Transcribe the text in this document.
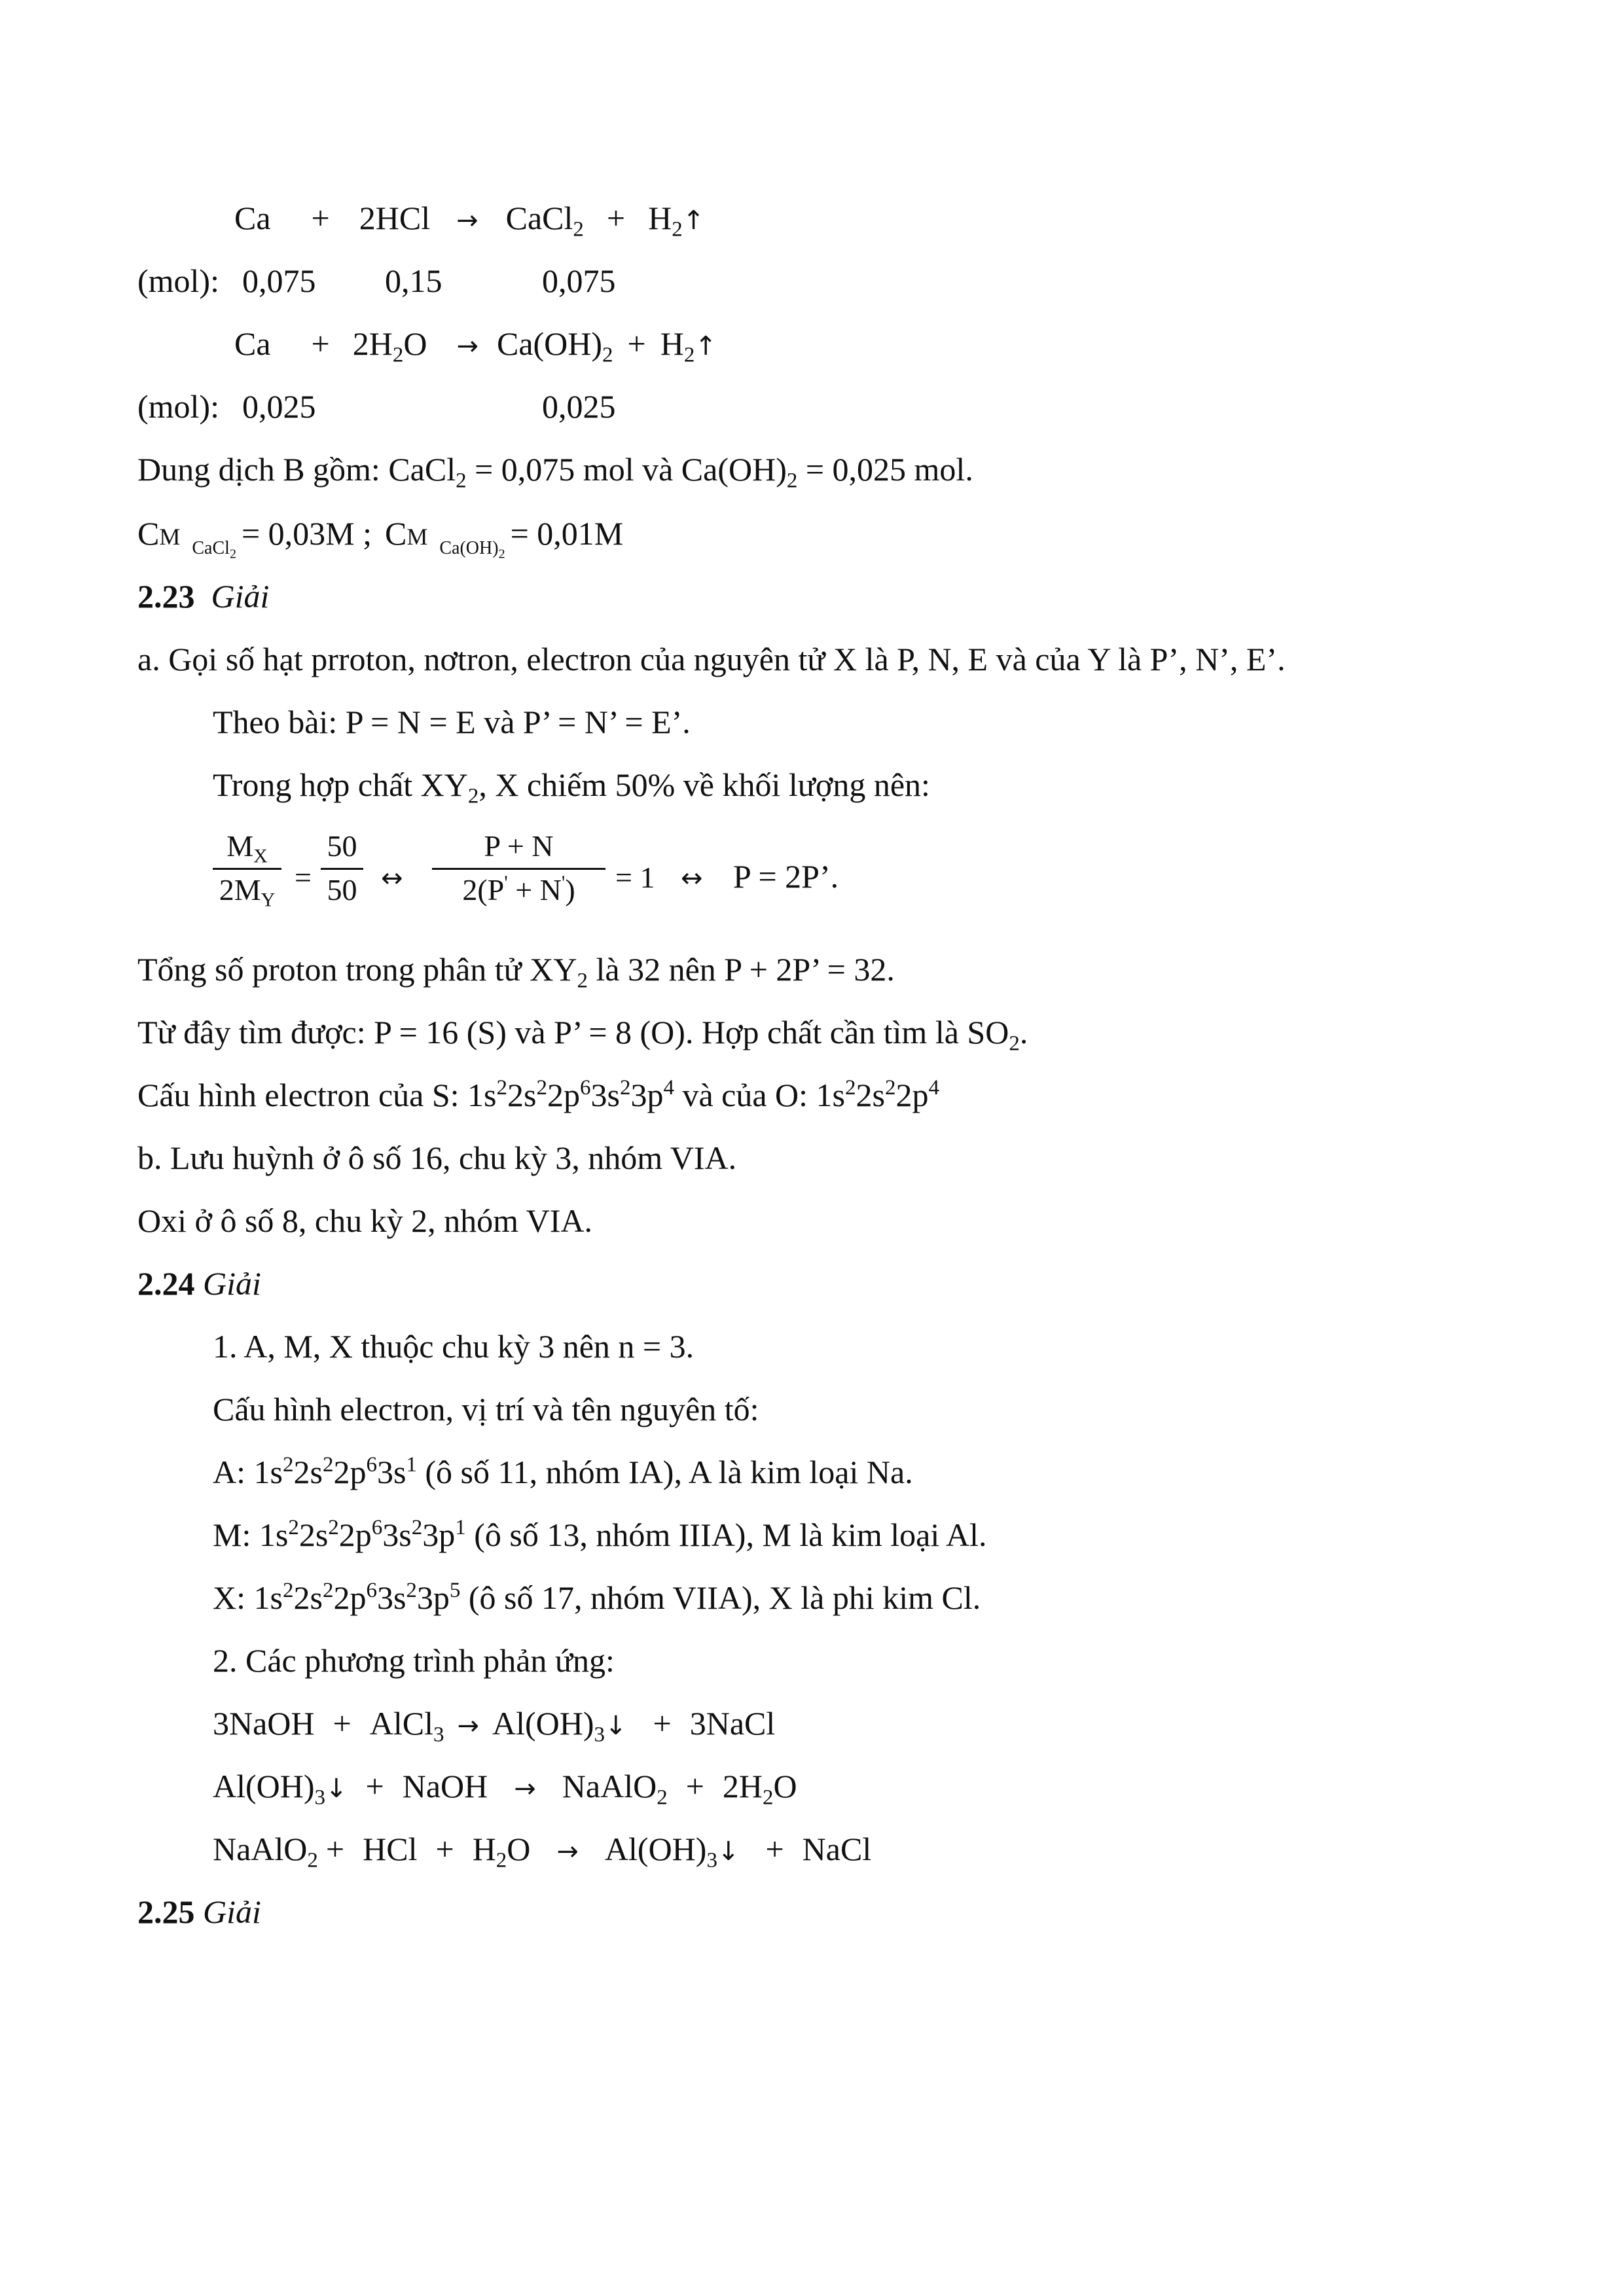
Ca + 2HCl → CaCl$_2$ + $H_2↑$
(mol): 0,075 0,15	0,075
$Ca + 2H_2O \to Ca(OH)_2$ + $H_2↑$
(mol): 0,025	0,025
Dung dịch B gồm: CaCl$_2$ = 0,075 mol và $Ca(OH)_2 = 0,025$ mol.
CM $_{CaCl_2}$= 0,03M ; CM $_{Ca(OH)_2}$= 0,01M
2.23 Giải
a. Gọi số hạt prroton, nơtron, electron của nguyên tử X là P, N, E và của Y là P’, N’, E’.
Theo bài: P = N = E và P’ = N’ = E’.
Trong hợp chất $XY_2$, X chiếm 50% về khối lượng nên:
$M_X$
$2M_Y$
=
50
50 ↔
P + N
2(P' + N')	= 1 ↔ P = 2P’.
Tổng số proton trong phân tử $XY_2$ là 32 nên P + 2P’ = 32.
Từ đây tìm được: P = 16 (S) và P’ = 8 (O). Hợp chất cần tìm là $SO_2$.
Cấu hình electron của S: $1s^22s^22p^63s^23p^4$ và của O: $1s^22s^22p^4$
b. Lưu huỳnh ở ô số 16, chu kỳ 3, nhóm VIA.
Oxi ở ô số 8, chu kỳ 2, nhóm VIA.
2.24 Giải
1. A, M, X thuộc chu kỳ 3 nên n = 3.
Cấu hình electron, vị trí và tên nguyên tố:
A: $1s^22s^22p^63s^1$ (ô số 11, nhóm IA), A là kim loại Na.
M: $1s^22s^22p^63s^23p^1$ (ô số 13, nhóm IIIA), M là kim loại Al.
X: $1s^22s^22p^63s^23p^5$ (ô số 17, nhóm VIIA), X là phi kim Cl.
2. Các phương trình phản ứng:
3NaOH + AlCl$_3$ → $Al(OH)_3↓$ + 3NaCl
$Al(OH)_3↓$ + NaOH → NaAlO$_2$ + $2H_2O$
NaAlO$_2$ + HCl + $H_2O$ → $Al(OH)_3↓$ + NaCl
2.25 Giải
